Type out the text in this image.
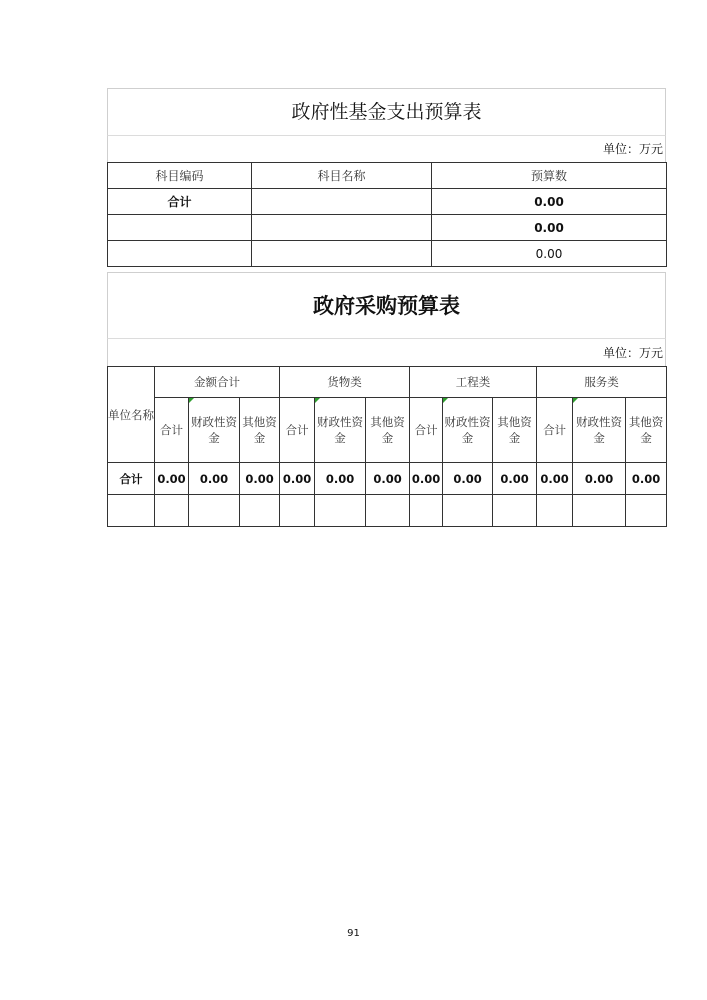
政府性基金支出预算表
单位：万元
科目编码	科目名称	预算数
合计		0.00
		0.00
		0.00
政府采购预算表
单位：万元
单位名称	金额合计			货物类			工程类			服务类		
	合计	财政性资金	其他资金	合计	财政性资金	其他资金	合计	财政性资金	其他资金	合计	财政性资金	其他资金
合计	0.00	0.00	0.00	0.00	0.00	0.00	0.00	0.00	0.00	0.00	0.00	0.00

91
